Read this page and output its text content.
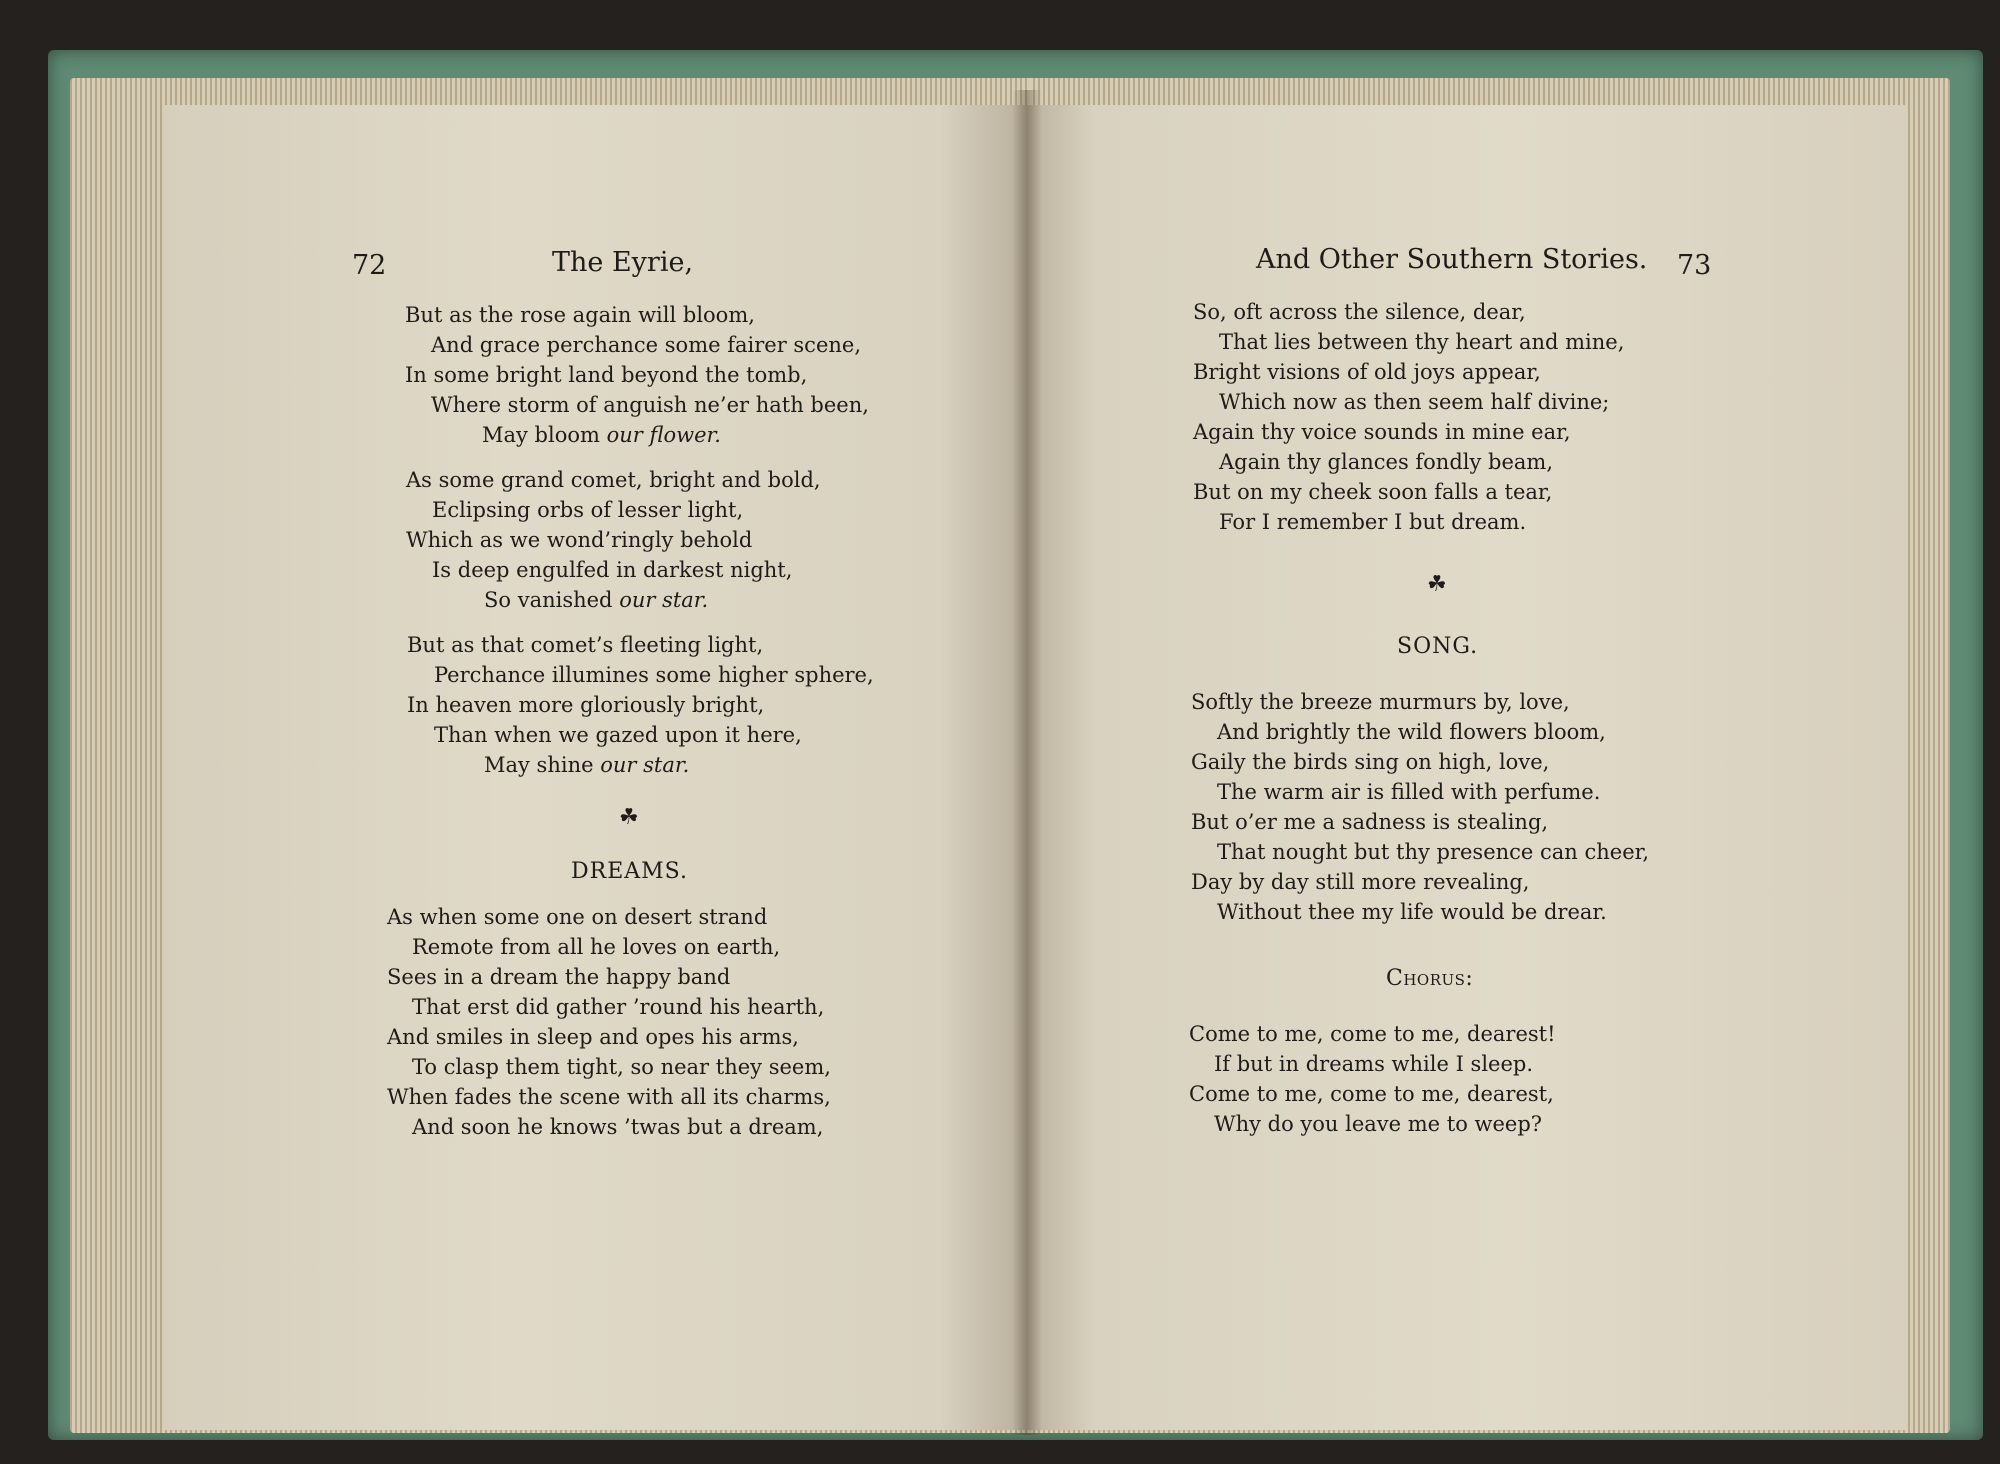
72	The Eyrie,
But as the rose again will bloom,
And grace perchance some fairer scene,
In some bright land beyond the tomb,
Where storm of anguish ne’er hath been,
May bloom our flower.
As some grand comet, bright and bold,
Eclipsing orbs of lesser light,
Which as we wond’ringly behold
Is deep engulfed in darkest night,
So vanished our star.
But as that comet’s fleeting light,
Perchance illumines some higher sphere,
In heaven more gloriously bright,
Than when we gazed upon it here,
May shine our star.
☘
DREAMS.
As when some one on desert strand
Remote from all he loves on earth,
Sees in a dream the happy band
That erst did gather ’round his hearth,
And smiles in sleep and opes his arms,
To clasp them tight, so near they seem,
When fades the scene with all its charms,
And soon he knows ’twas but a dream,
And Other Southern Stories. 73
So, oft across the silence, dear,
That lies between thy heart and mine,
Bright visions of old joys appear,
Which now as then seem half divine;
Again thy voice sounds in mine ear,
Again thy glances fondly beam,
But on my cheek soon falls a tear,
For I remember I but dream.
☘
SONG.
Softly the breeze murmurs by, love,
And brightly the wild flowers bloom,
Gaily the birds sing on high, love,
The warm air is filled with perfume.
But o’er me a sadness is stealing,
That nought but thy presence can cheer,
Day by day still more revealing,
Without thee my life would be drear.
Chorus:
Come to me, come to me, dearest!
If but in dreams while I sleep.
Come to me, come to me, dearest,
Why do you leave me to weep?
